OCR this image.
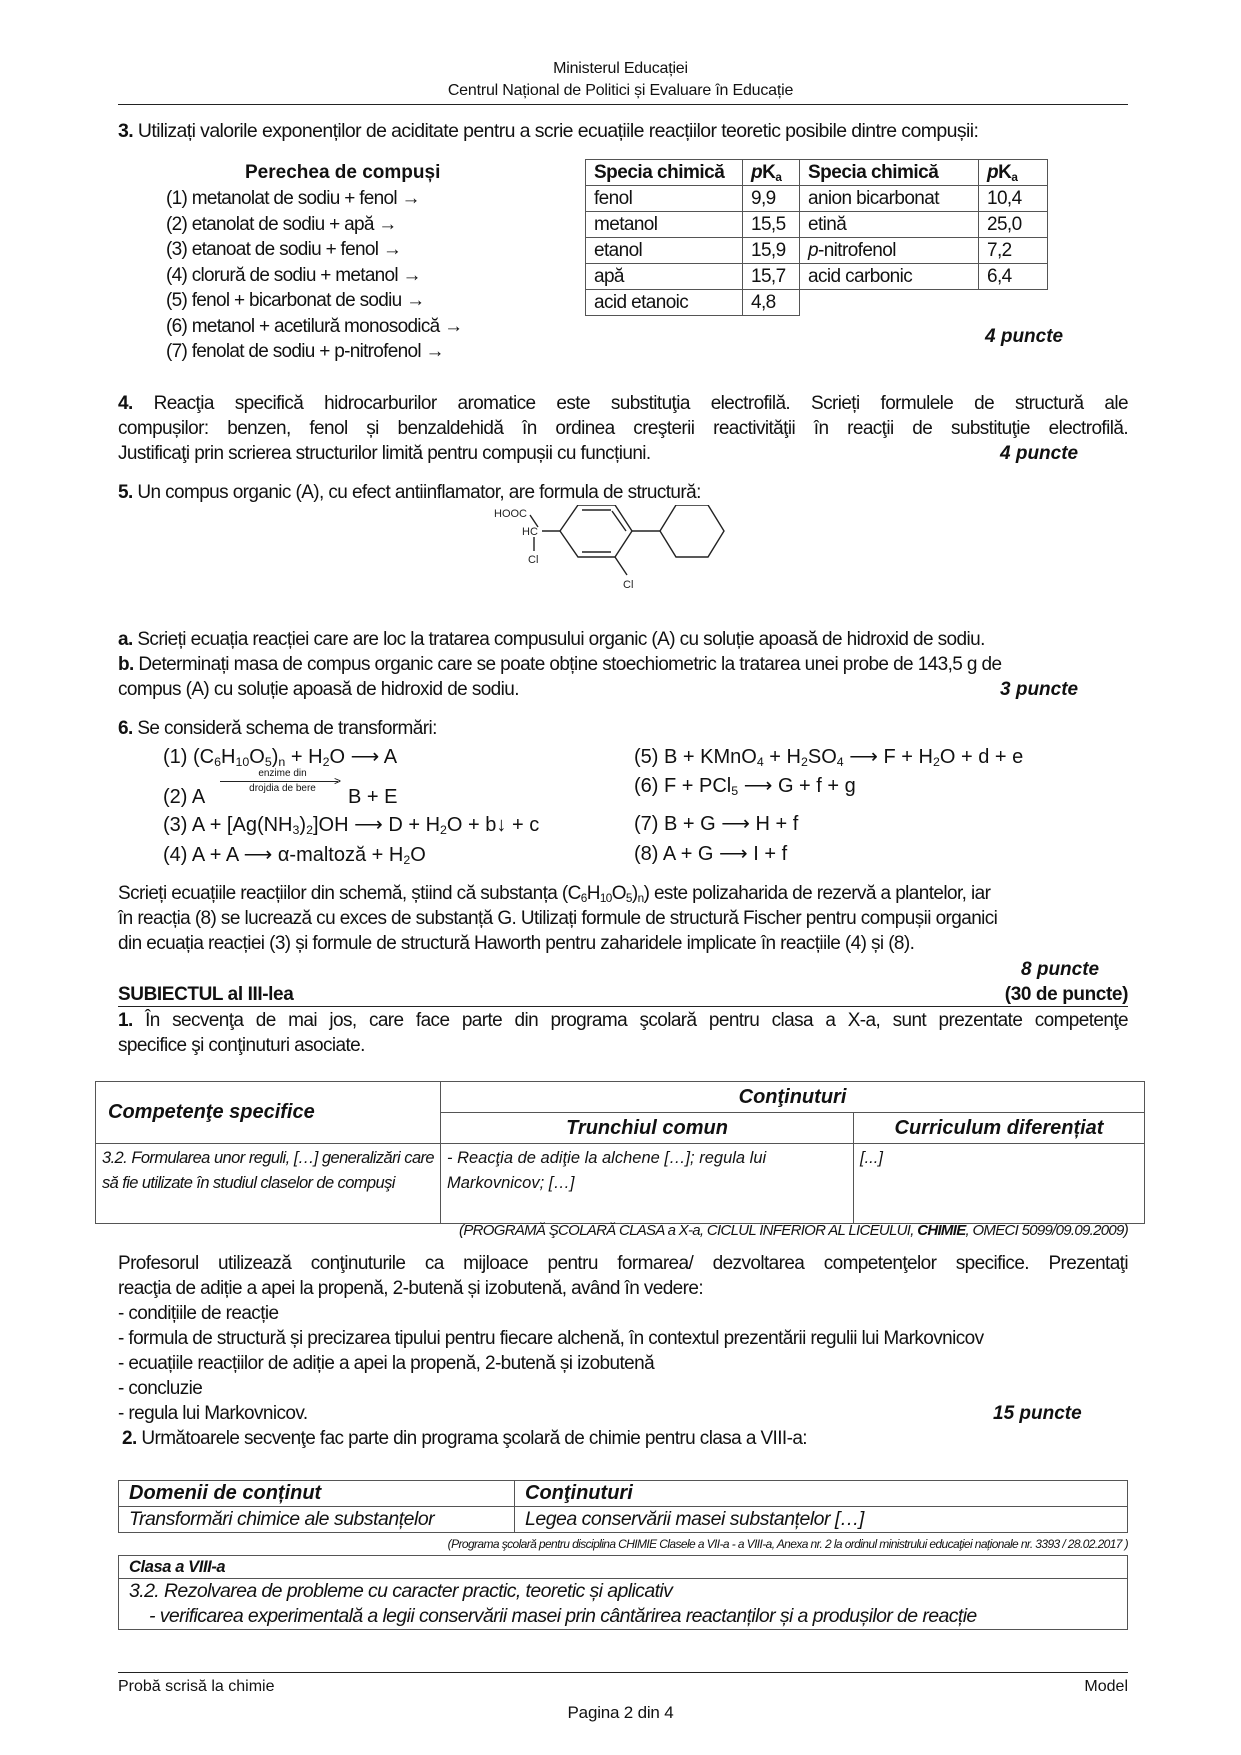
Ministerul Educației
Centrul Național de Politici și Evaluare în Educație
3. Utilizați valorile exponenților de aciditate pentru a scrie ecuațiile reacțiilor teoretic posibile dintre compușii:
Perechea de compuși
(1) metanolat de sodiu + fenol →
(2) etanolat de sodiu + apă →
(3) etanoat de sodiu + fenol →
(4) clorură de sodiu + metanol →
(5) fenol + bicarbonat de sodiu →
(6) metanol + acetilură monosodică →
(7) fenolat de sodiu + p-nitrofenol →
Specia chimică	$pK_a$	Specia chimică	$pK_a$
fenol	9,9	anion bicarbonat	10,4
metanol	15,5	etină	25,0
etanol	15,9	p-nitrofenol	7,2
apă	15,7	acid carbonic	6,4
acid etanoic	4,8		
4 puncte
4. Reacţia specifică hidrocarburilor aromatice este substituţia electrofilă. Scrieți formulele de structură ale
compușilor: benzen, fenol și benzaldehidă în ordinea creşterii reactivităţii în reacţii de substituţie electrofilă.
Justificaţi prin scrierea structurilor limită pentru compușii cu funcțiuni.	4 puncte
5. Un compus organic (A), cu efect antiinflamator, are formula de structură:
HOOC
HC
Cl
Cl
a. Scrieți ecuația reacției care are loc la tratarea compusului organic (A) cu soluție apoasă de hidroxid de sodiu.
b. Determinați masa de compus organic care se poate obține stoechiometric la tratarea unei probe de 143,5 g de
compus (A) cu soluție apoasă de hidroxid de sodiu.	3 puncte
6. Se consideră schema de transformări:
(1) $(C_6H_{10}O_5)_n + H_2O$ ⟶ A
(2) A
enzime din
>
drojdia de bere	B + E
(3) $A + [Ag(NH_3)_2]OH$ ⟶ $D + H_2O$ + b↓ + c
(4) A + A ⟶ α-maltoză + $H_2O$
(5) B + KMnO$_4$ + $H_2SO_4$ ⟶ $F + H_2O + d + e$
(6) F + PCl$_5$ ⟶ G + f + g
(7) B + G ⟶ H + f
(8) A + G ⟶ I + f
Scrieți ecuațiile reacțiilor din schemă, știind că substanța $(C_6H_{10}O_5)_n$) este polizaharida de rezervă a plantelor, iar
în reacția (8) se lucrează cu exces de substanță G. Utilizați formule de structură Fischer pentru compușii organici
din ecuația reacției (3) și formule de structură Haworth pentru zaharidele implicate în reacțiile (4) și (8).
8 puncte
SUBIECTUL al III-lea	(30 de puncte)
1. În secvenţa de mai jos, care face parte din programa şcolară pentru clasa a X-a, sunt prezentate competenţe
specifice şi conţinuturi asociate.
Competenţe specifice	Conţinuturi	
	Trunchiul comun	Curriculum diferențiat
3.2. Formularea unor reguli, […] generalizări care să fie utilizate în studiul claselor de compuşi	- Reacţia de adiţie la alchene […]; regula lui Markovnicov; […]	[...]
(PROGRAMĂ ŞCOLARĂ CLASA a X-a, CICLUL INFERIOR AL LICEULUI, CHIMIE, OMECI 5099/09.09.2009)
Profesorul utilizează conţinuturile ca mijloace pentru formarea/ dezvoltarea competenţelor specifice. Prezentaţi
reacţia de adiție a apei la propenă, 2-butenă și izobutenă, având în vedere:
- condițiile de reacție
- formula de structură și precizarea tipului pentru fiecare alchenă, în contextul prezentării regulii lui Markovnicov
- ecuațiile reacțiilor de adiție a apei la propenă, 2-butenă și izobutenă
- concluzie
- regula lui Markovnicov.	15 puncte
2. Următoarele secvenţe fac parte din programa şcolară de chimie pentru clasa a VIII-a:
Domenii de conținut	Conţinuturi
Transformări chimice ale substanțelor	Legea conservării masei substanțelor […]
(Programa şcolară pentru disciplina CHIMIE Clasele a VII-a - a VIII-a, Anexa nr. 2 la ordinul ministrului educaţiei naționale nr. 3393 / 28.02.2017 )
Clasa a VIII-a

3.2. Rezolvarea de probleme cu caracter practic, teoretic și aplicativ
- verificarea experimentală a legii conservării masei prin cântărirea reactanților și a produșilor de reacție
Probă scrisă la chimie	Model
Pagina 2 din 4
